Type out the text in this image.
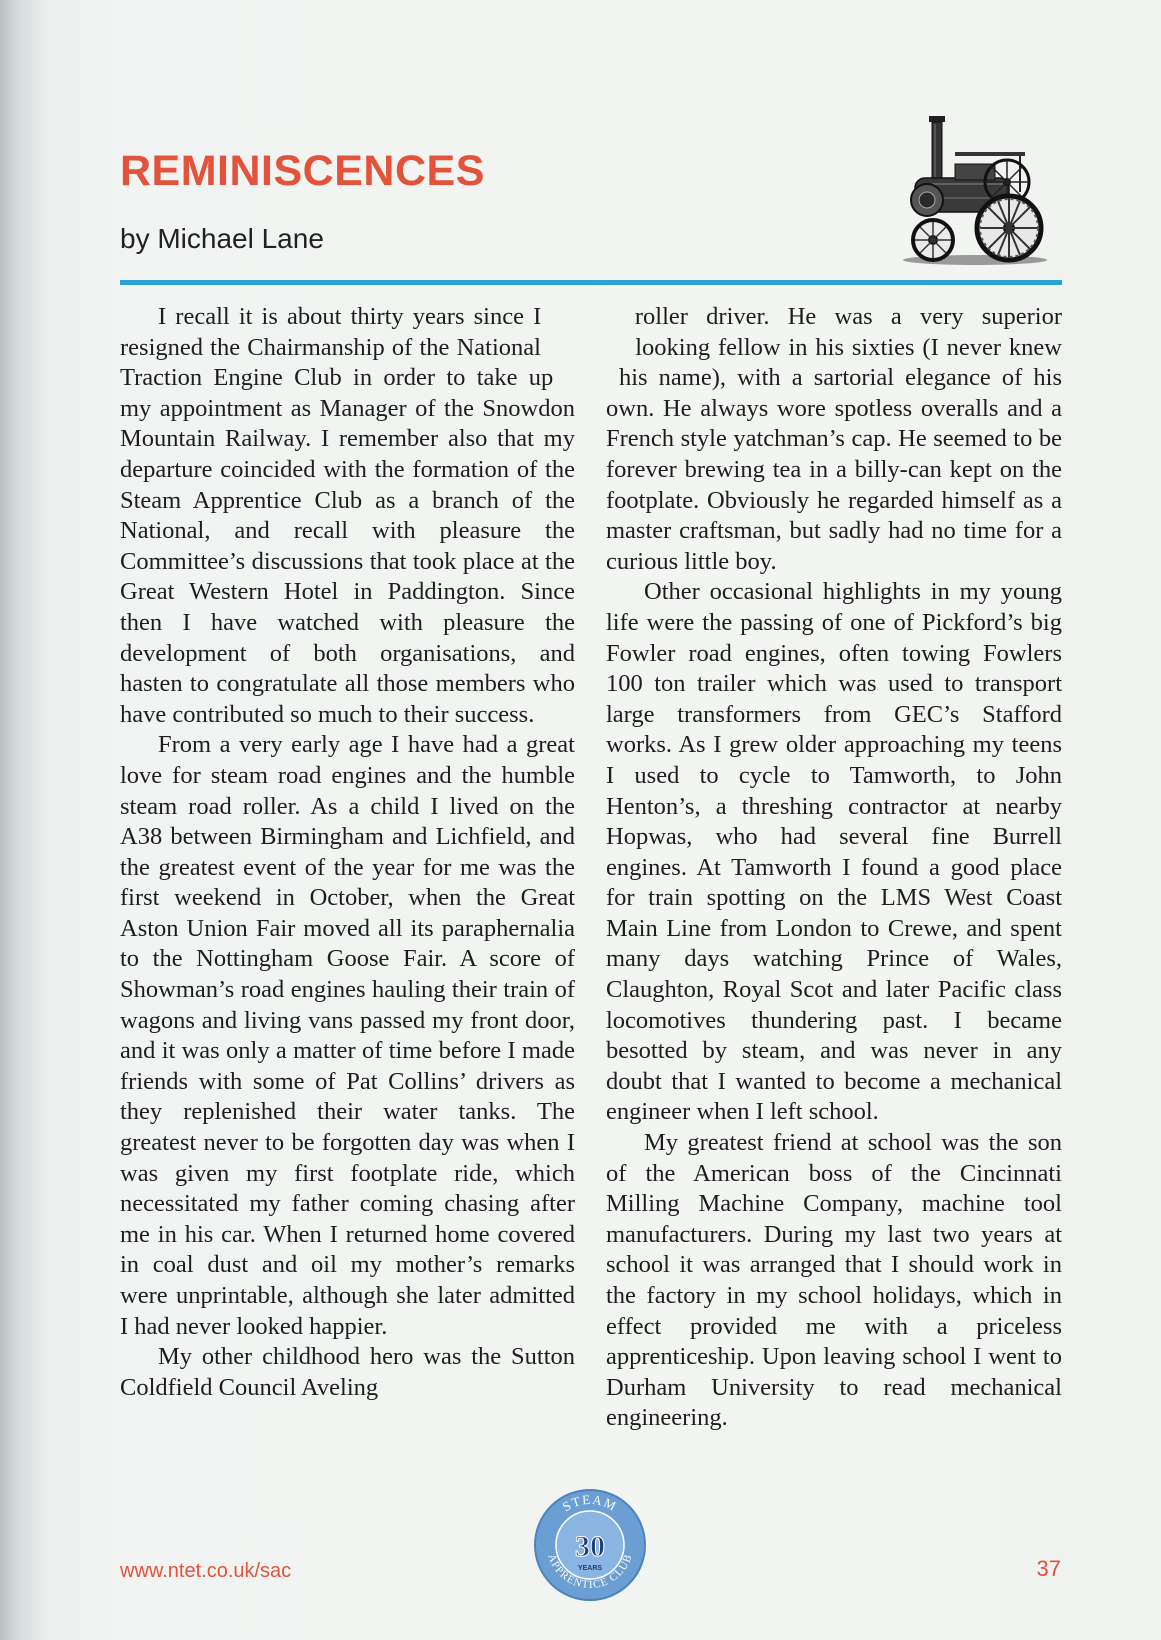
REMINISCENCES

by Michael Lane

I recall it is about thirty years since I resigned the Chairmanship of the National Traction Engine Club in order to take up my appointment as Manager of the Snowdon Mountain Railway. I remember also that my departure coincided with the formation of the Steam Apprentice Club as a branch of the National, and recall with pleasure the Committee’s discussions that took place at the Great Western Hotel in Paddington. Since then I have watched with pleasure the development of both organisations, and hasten to congratulate all those members who have contributed so much to their success.

From a very early age I have had a great love for steam road engines and the humble steam road roller. As a child I lived on the A38 between Birmingham and Lichfield, and the greatest event of the year for me was the first weekend in October, when the Great Aston Union Fair moved all its paraphernalia to the Nottingham Goose Fair. A score of Showman’s road engines hauling their train of wagons and living vans passed my front door, and it was only a matter of time before I made friends with some of Pat Collins’ drivers as they replenished their water tanks. The greatest never to be forgotten day was when I was given my first footplate ride, which necessitated my father coming chasing after me in his car. When I returned home covered in coal dust and oil my mother’s remarks were unprintable, although she later admitted I had never looked happier.

My other childhood hero was the Sutton Coldfield Council Aveling

roller driver. He was a very superior looking fellow in his sixties (I never knew his name), with a sartorial elegance of his own. He always wore spotless overalls and a French style yatchman’s cap. He seemed to be forever brewing tea in a billy-can kept on the footplate. Obviously he regarded himself as a master craftsman, but sadly had no time for a curious little boy.

Other occasional highlights in my young life were the passing of one of Pickford’s big Fowler road engines, often towing Fowlers 100 ton trailer which was used to transport large transformers from GEC’s Stafford works. As I grew older approaching my teens I used to cycle to Tamworth, to John Henton’s, a threshing contractor at nearby Hopwas, who had several fine Burrell engines. At Tamworth I found a good place for train spotting on the LMS West Coast Main Line from London to Crewe, and spent many days watching Prince of Wales, Claughton, Royal Scot and later Pacific class locomotives thundering past. I became besotted by steam, and was never in any doubt that I wanted to become a mechanical engineer when I left school.

My greatest friend at school was the son of the American boss of the Cincinnati Milling Machine Company, machine tool manufacturers. During my last two years at school it was arranged that I should work in the factory in my school holidays, which in effect provided me with a priceless apprenticeship. Upon leaving school I went to Durham University to read mechanical engineering.

STEAM
APPRENTICE CLUB
30
YEARS

www.ntet.co.uk/sac	37
